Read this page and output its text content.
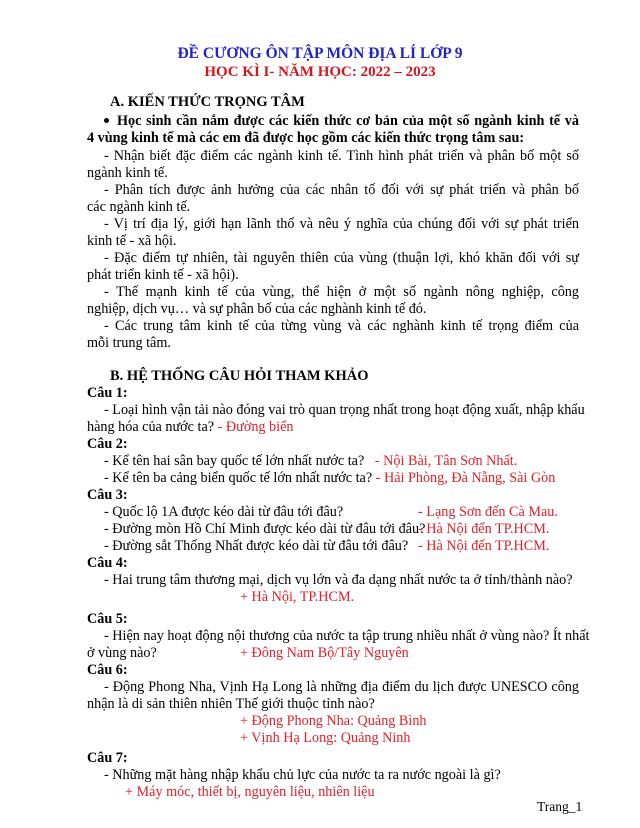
ĐỀ CƯƠNG ÔN TẬP MÔN ĐỊA LÍ LỚP 9
HỌC KÌ I- NĂM HỌC: 2022 – 2023
A. KIẾN THỨC TRỌNG TÂM
Học sinh cần nắm được các kiến thức cơ bản của một số ngành kinh tế và
4 vùng kinh tế mà các em đã được học gồm các kiến thức trọng tâm sau:
- Nhận biết đặc điểm các ngành kinh tế. Tình hình phát triển và phân bố một số
ngành kinh tế.
- Phân tích được ảnh hưởng của các nhân tố đối với sự phát triển và phân bố
các ngành kinh tế.
- Vị trí địa lý, giới hạn lãnh thổ và nêu ý nghĩa của chúng đối với sự phát triển
kinh tế - xã hội.
- Đặc điểm tự nhiên, tài nguyên thiên của vùng (thuận lợi, khó khăn đối với sự
phát triển kinh tế - xã hội).
- Thế mạnh kinh tế của vùng, thể hiện ở một số ngành nông nghiệp, công
nghiệp, dịch vụ… và sự phân bố của các nghành kinh tế đó.
- Các trung tâm kinh tế của từng vùng và các nghành kinh tế trọng điểm của
mỗi trung tâm.
B. HỆ THỐNG CÂU HỎI THAM KHẢO
Câu 1:
- Loại hình vận tải nào đóng vai trò quan trọng nhất trong hoạt động xuất, nhập khẩu
hàng hóa của nước ta? - Đường biển
Câu 2:
- Kể tên hai sân bay quốc tế lớn nhất nước ta? - Nội Bài, Tân Sơn Nhất.
- Kể tên ba cảng biển quốc tế lớn nhất nước ta? - Hải Phòng, Đà Nẵng, Sài Gòn
Câu 3:
- Quốc lộ 1A được kéo dài từ đâu tới đâu?	- Lạng Sơn đến Cà Mau.
- Đường mòn Hồ Chí Minh được kéo dài từ đâu tới đâu?
- Hà Nội đến TP.HCM.
- Đường sắt Thống Nhất được kéo dài từ đâu tới đâu? - Hà Nội đến TP.HCM.
Câu 4:
- Hai trung tâm thương mại, dịch vụ lớn và đa dạng nhất nước ta ở tỉnh/thành nào?
+ Hà Nội, TP.HCM.
Câu 5:
- Hiện nay hoạt động nội thương của nước ta tập trung nhiều nhất ở vùng nào? Ít nhất
ở vùng nào?	+ Đông Nam Bộ/Tây Nguyên
Câu 6:
- Động Phong Nha, Vịnh Hạ Long là những địa điểm du lịch được UNESCO công
nhận là di sản thiên nhiên Thế giới thuộc tỉnh nào?
+ Động Phong Nha: Quảng Bình
+ Vịnh Hạ Long: Quảng Ninh
Câu 7:
- Những mặt hàng nhập khẩu chủ lực của nước ta ra nước ngoài là gì?
+ Máy móc, thiết bị, nguyên liệu, nhiên liệu
Trang_1
